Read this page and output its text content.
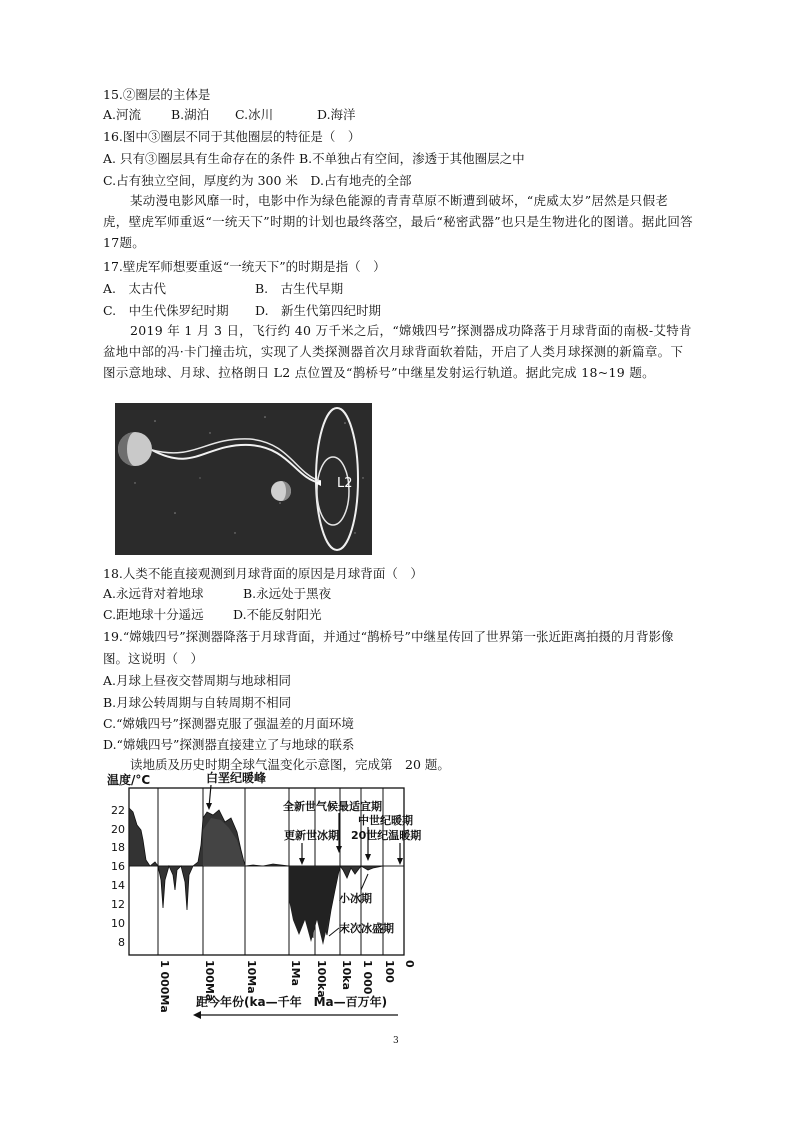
15.②圈层的主体是
A.河流 B.湖泊 C.冰川	D.海洋
16.图中③圈层不同于其他圈层的特征是（　）
A. 只有③圈层具有生命存在的条件 B.不单独占有空间，渗透于其他圈层之中
C.占有独立空间，厚度约为 300 米　D.占有地壳的全部
某动漫电影风靡一时，电影中作为绿色能源的青青草原不断遭到破坏，“虎威太岁”居然是只假老虎，壁虎军师重返“一统天下”时期的计划也最终落空，最后“秘密武器”也只是生物进化的图谱。据此回答 17题。
17.壁虎军师想要重返“一统天下”的时期是指（　）
A.　太古代	B.　古生代早期
C.　中生代侏罗纪时期 D.　新生代第四纪时期
2019 年 1 月 3 日，飞行约 40 万千米之后，“嫦娥四号”探测器成功降落于月球背面的南极-艾特肯盆地中部的冯·卡门撞击坑，实现了人类探测器首次月球背面软着陆，开启了人类月球探测的新篇章。下图示意地球、月球、拉格朗日 L2 点位置及“鹊桥号”中继星发射运行轨道。据此完成 18~19 题。
L2
18.人类不能直接观测到月球背面的原因是月球背面（　）
A.永远背对着地球	B.永远处于黑夜
C.距地球十分遥远 D.不能反射阳光
19.“嫦娥四号”探测器降落于月球背面，并通过“鹊桥号”中继星传回了世界第一张近距离拍摄的月背影像
图。这说明（　）
A.月球上昼夜交替周期与地球相同
B.月球公转周期与自转周期不相同
C.“嫦娥四号”探测器克服了强温差的月面环境
D.“嫦娥四号”探测器直接建立了与地球的联系
读地质及历史时期全球气温变化示意图，完成第　20 题。
22
20
18
16
14
12
10
8
温度/°C	白垩纪暖峰
全新世气候最适宜期
中世纪暖期
更新世冰期 20世纪温暖期
小冰期
末次冰盛期
1 000Ma	100Ma	10Ma	1Ma 100ka 10ka 1 000 100 0
距今年份(ka—千年　Ma—百万年)
3
